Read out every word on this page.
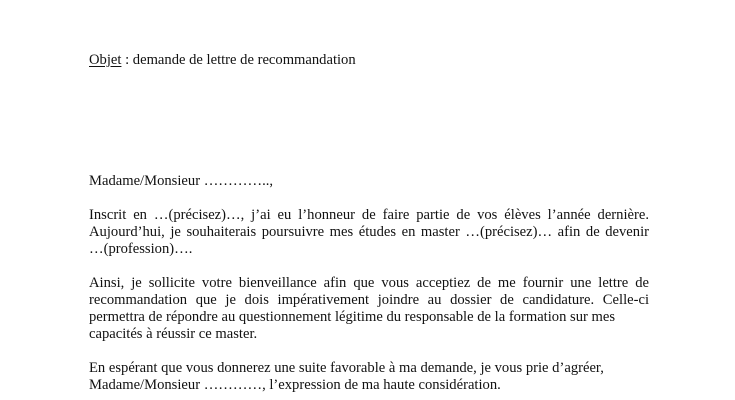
Objet : demande de lettre de recommandation

Madame/Monsieur …………..,

Inscrit en …(précisez)…, j’ai eu l’honneur de faire partie de vos élèves l’année dernière.
Aujourd’hui, je souhaiterais poursuivre mes études en master …(précisez)… afin de devenir
…(profession)….
Ainsi, je sollicite votre bienveillance afin que vous acceptiez de me fournir une lettre de
recommandation que je dois impérativement joindre au dossier de candidature. Celle-ci
permettra de répondre au questionnement légitime du responsable de la formation sur mes
capacités à réussir ce master.
En espérant que vous donnerez une suite favorable à ma demande, je vous prie d’agréer,
Madame/Monsieur …………, l’expression de ma haute considération.
